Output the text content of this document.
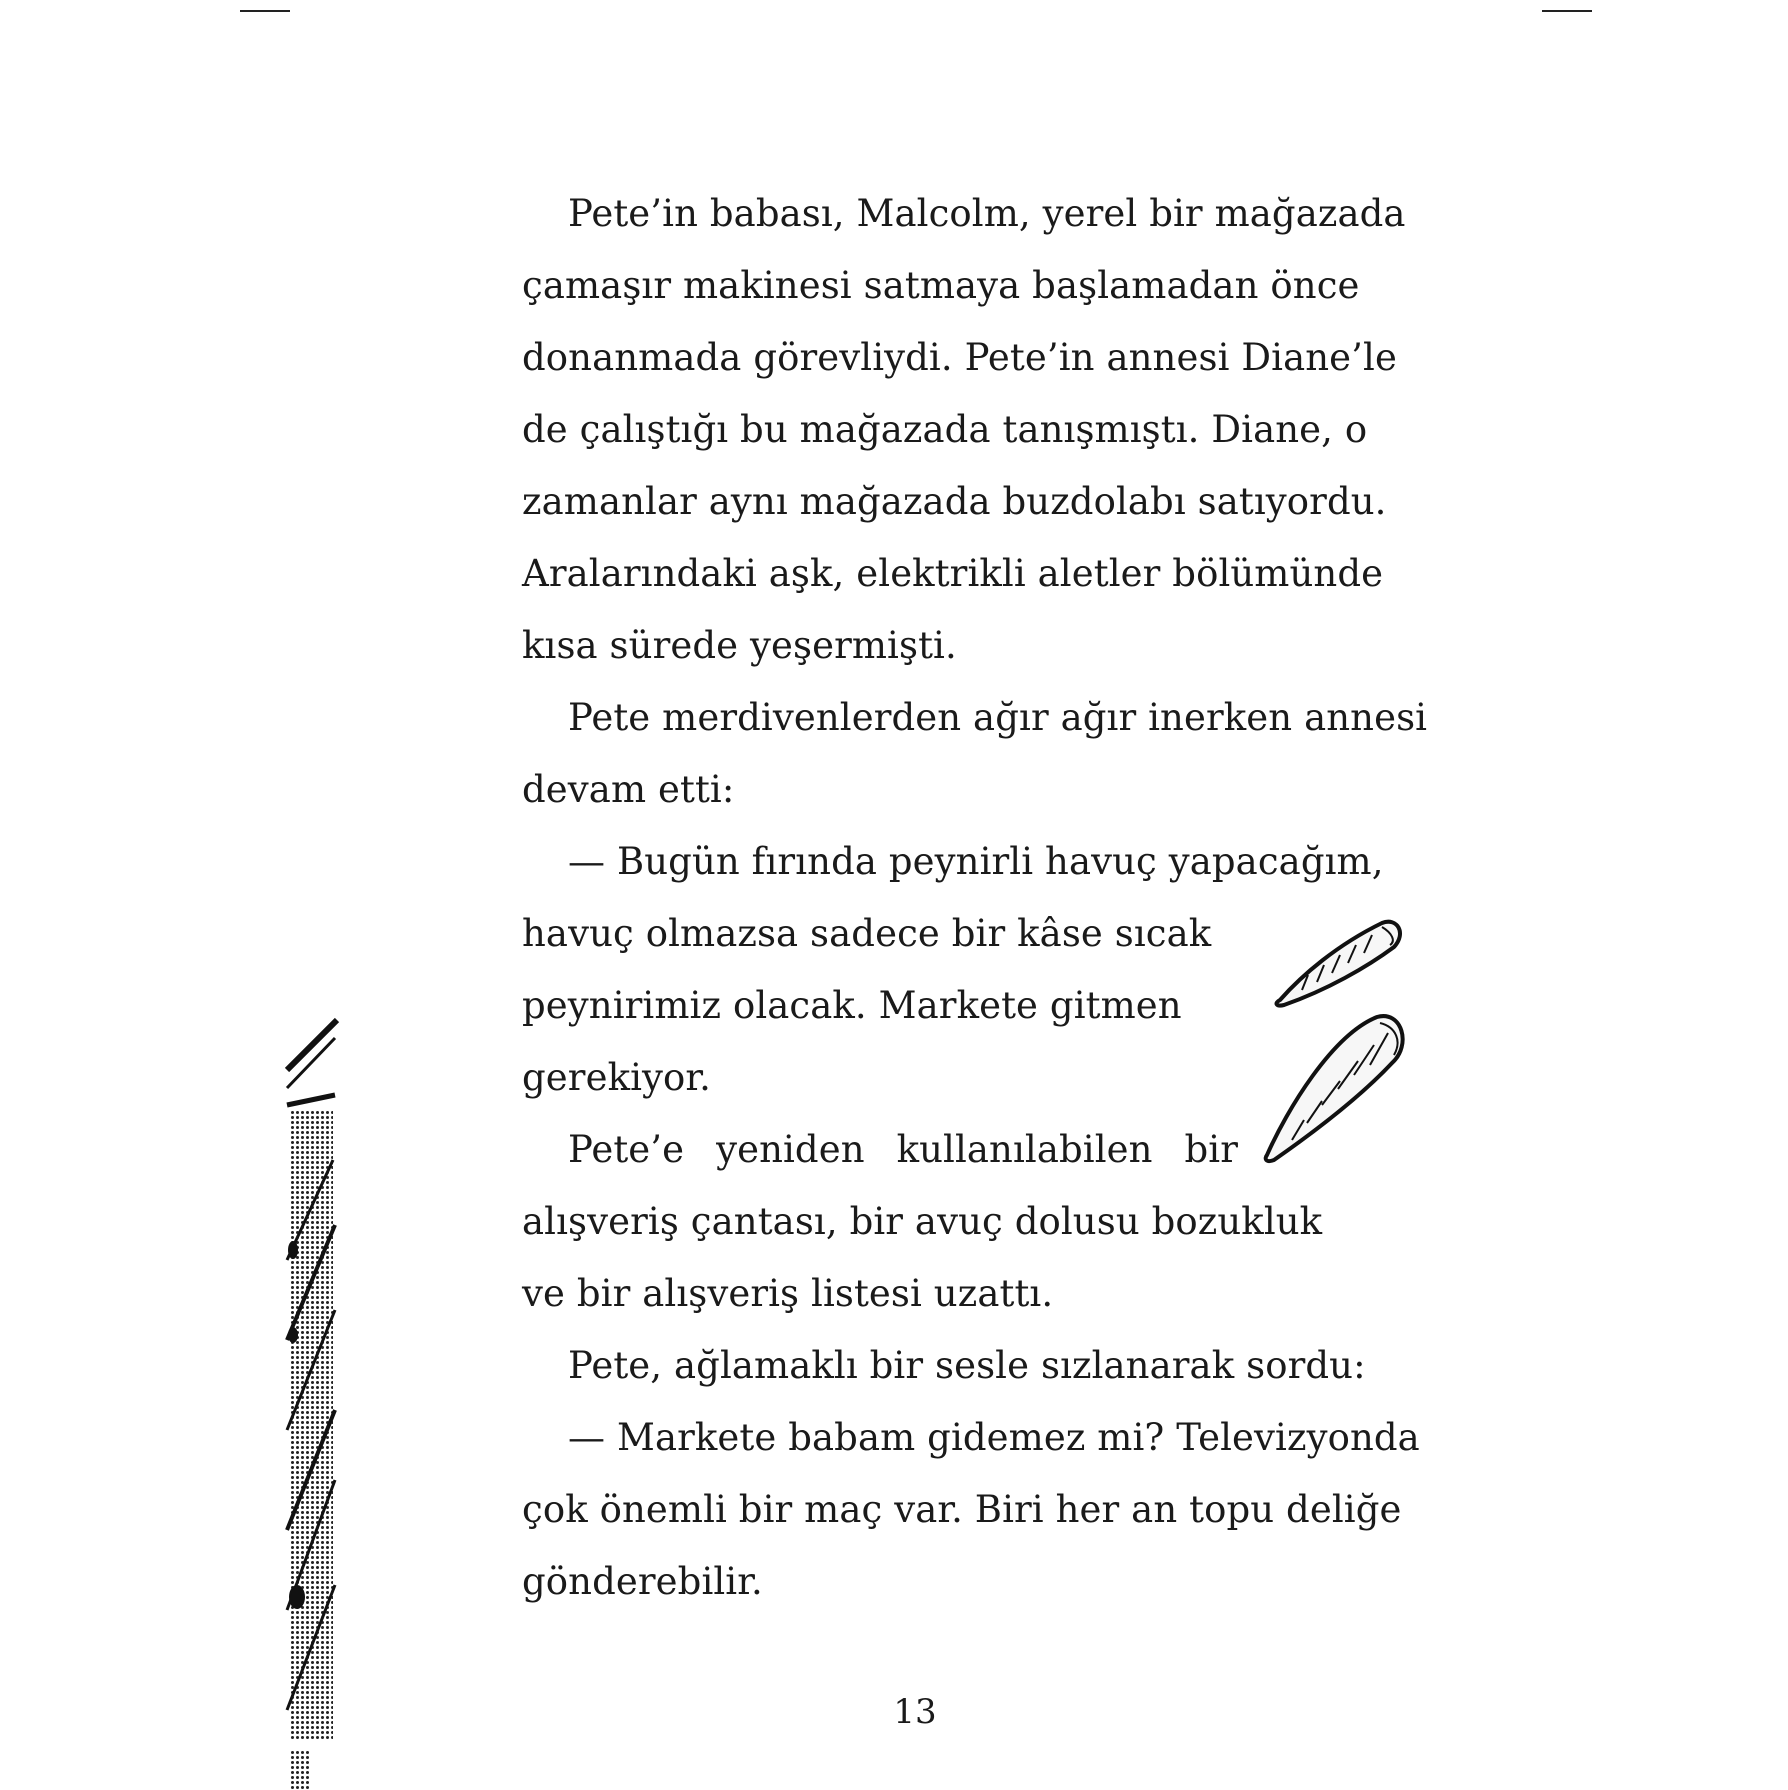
Pete’in babası, Malcolm, yerel bir mağazada
çamaşır makinesi satmaya başlamadan önce
donanmada görevliydi. Pete’in annesi Diane’le
de çalıştığı bu mağazada tanışmıştı. Diane, o
zamanlar aynı mağazada buzdolabı satıyordu.
Aralarındaki aşk, elektrikli aletler bölümünde
kısa sürede yeşermişti.
Pete merdivenlerden ağır ağır inerken annesi
devam etti:
— Bugün fırında peynirli havuç yapacağım,
havuç olmazsa sadece bir kâse sıcak
peynirimiz olacak. Markete gitmen
gerekiyor.
Pete’e yeniden kullanılabilen bir
alışveriş çantası, bir avuç dolusu bozukluk
ve bir alışveriş listesi uzattı.
Pete, ağlamaklı bir sesle sızlanarak sordu:
— Markete babam gidemez mi? Televizyonda
çok önemli bir maç var. Biri her an topu deliğe
gönderebilir.
13
